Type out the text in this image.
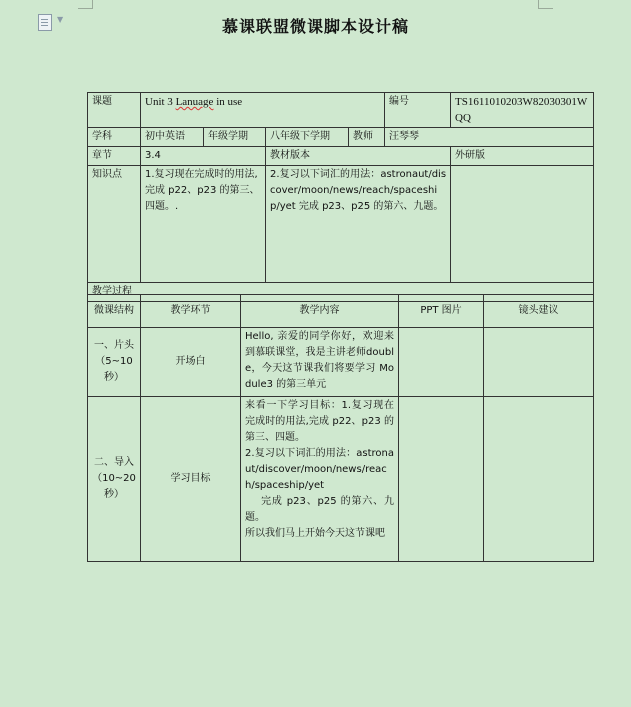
▼	慕课联盟微课脚本设计稿
课题	Unit 3 Lanuage in use				编号	TS1611010203W82030301WQQ
学科	初中英语	年级学期	八年级下学期	教师	汪琴琴	
章节	3.4		教材版本			外研版
知识点	1.复习现在完成时的用法,完成 p22、p23 的第三、四题。.		2.复习以下词汇的用法：astronaut/discover/moon/news/reach/spaceship/yet 完成 p23、p25 的第六、九题。			
教学过程						
微课结构	教学环节	教学内容	PPT 图片	镜头建议
一、片头（5~10秒）	开场白	Hello, 亲爱的同学你好，欢迎来到慕联课堂，我是主讲老师double，今天这节课我们将要学习 Module3 的第三单元		

二、导入（10~20秒）	学习目标	来看一下学习目标：1.复习现在完成时的用法,完成 p22、p23 的第三、四题。
2.复习以下词汇的用法：astronaut/discover/moon/news/reach/spaceship/yet
完成 p23、p25 的第六、九题。
所以我们马上开始今天这节课吧		
